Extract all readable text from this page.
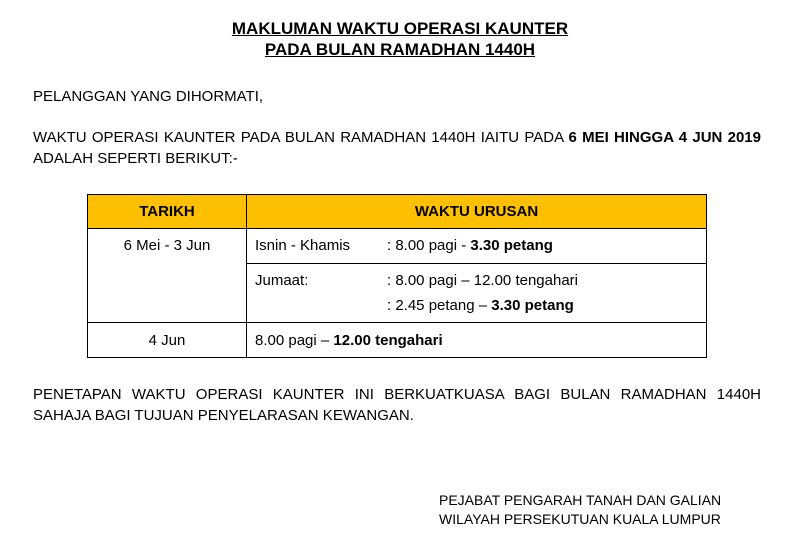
MAKLUMAN WAKTU OPERASI KAUNTER
PADA BULAN RAMADHAN 1440H
PELANGGAN YANG DIHORMATI,
WAKTU OPERASI KAUNTER PADA BULAN RAMADHAN 1440H IAITU PADA 6 MEI HINGGA 4 JUN 2019 ADALAH SEPERTI BERIKUT:-
TARIKH	WAKTU URUSAN

6 Mei - 3 Jun	Isnin - Khamis : 8.00 pagi - 3.30 petang

	Jumaat: : 8.00 pagi – 12.00 tengahari
: 2.45 petang – 3.30 petang

4 Jun	8.00 pagi – 12.00 tengahari
PENETAPAN WAKTU OPERASI KAUNTER INI BERKUATKUASA BAGI BULAN RAMADHAN 1440H SAHAJA BAGI TUJUAN PENYELARASAN KEWANGAN.
PEJABAT PENGARAH TANAH DAN GALIAN
WILAYAH PERSEKUTUAN KUALA LUMPUR
